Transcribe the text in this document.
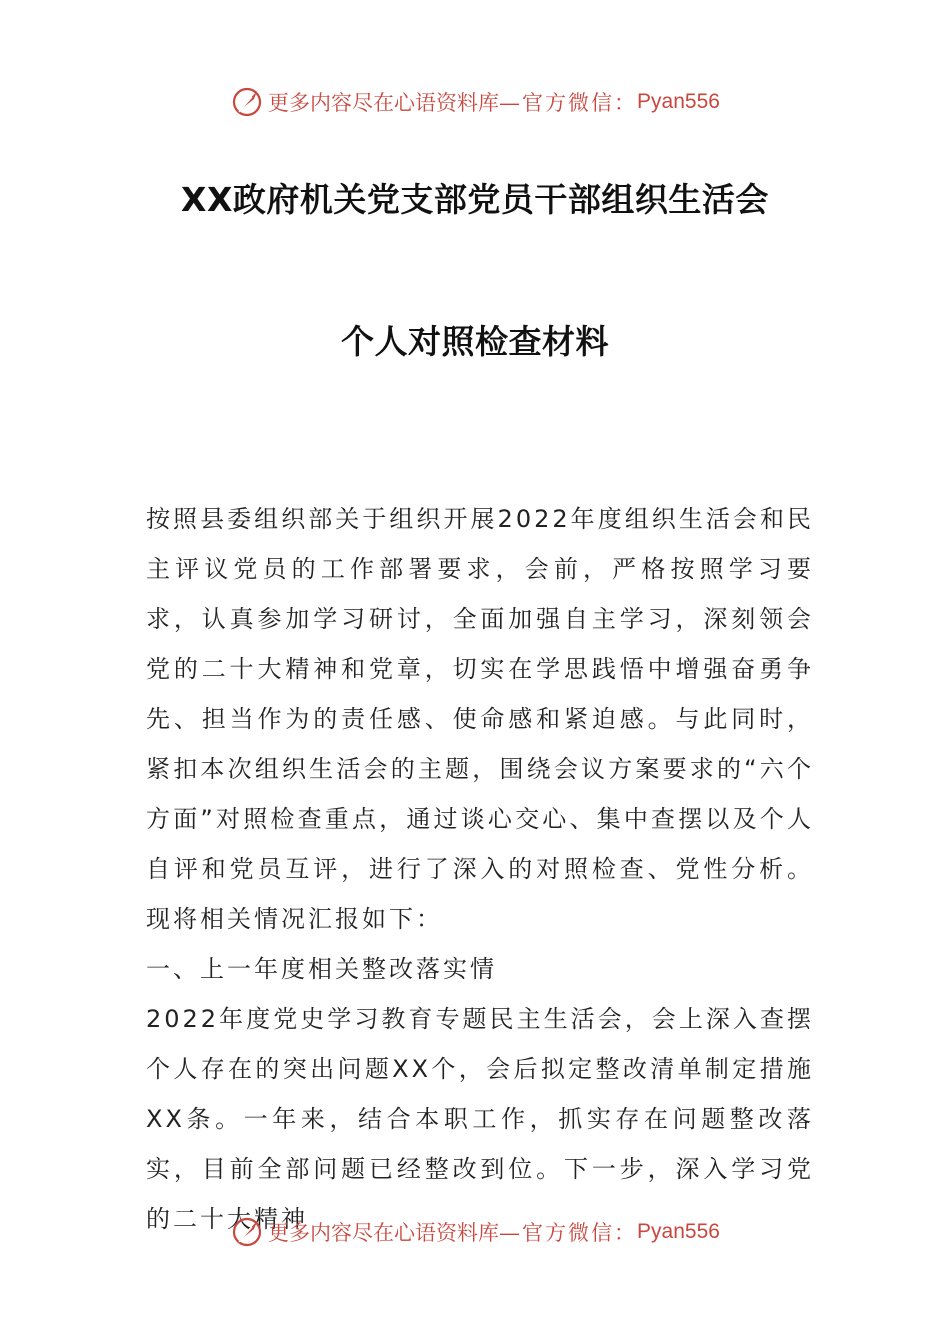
更多内容尽在心语资料库 —官方微信： Pyan556
XX政府机关党支部党员干部组织生活会
个人对照检查材料

按照县委组织部关于组织开展2022年度组织生活会和民主评议党员的工作部署要求，会前，严格按照学习要求，认真参加学习研讨，全面加强自主学习，深刻领会党的二十大精神和党章，切实在学思践悟中增强奋勇争先、担当作为的责任感、使命感和紧迫感。与此同时，紧扣本次组织生活会的主题，围绕会议方案要求的“六个方面”对照检查重点，通过谈心交心、集中查摆以及个人自评和党员互评，进行了深入的对照检查、党性分析。现将相关情况汇报如下：

一、上一年度相关整改落实情

2022年度党史学习教育专题民主生活会，会上深入查摆个人存在的突出问题XX个，会后拟定整改清单制定措施XX条。一年来，结合本职工作，抓实存在问题整改落实，目前全部问题已经整改到位。下一步，深入学习党的二十大精神

更多内容尽在心语资料库 —官方微信： Pyan556
